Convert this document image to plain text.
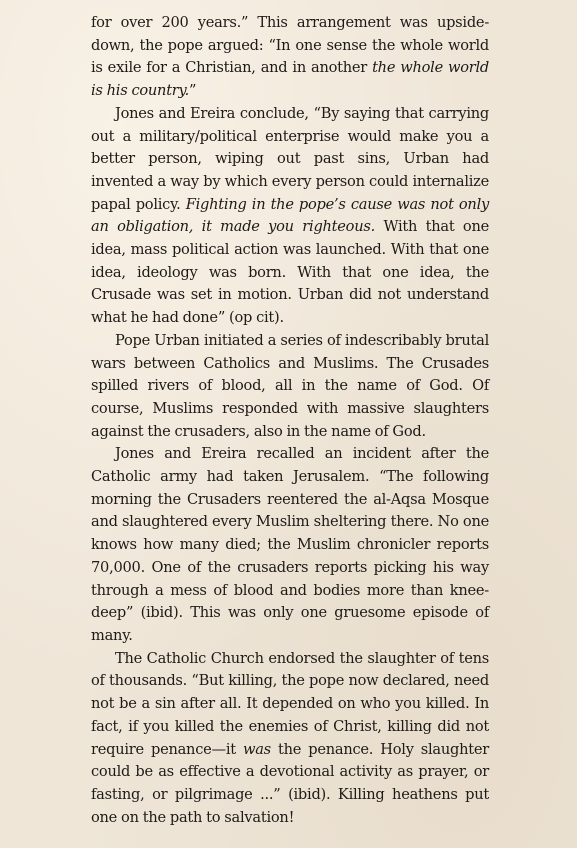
for over 200 years.” This arrangement was upside-down, the pope argued: “In one sense the whole world is exile for a Christian, and in another the whole world is his country.”

Jones and Ereira conclude, “By saying that carrying out a military/political enterprise would make you a better person, wiping out past sins, Urban had invented a way by which every person could internalize papal policy. Fighting in the pope’s cause was not only an obligation, it made you righteous. With that one idea, mass political action was launched. With that one idea, ideology was born. With that one idea, the Crusade was set in motion. Urban did not understand what he had done” (op cit).

Pope Urban initiated a series of indescribably brutal wars between Catholics and Muslims. The Crusades spilled rivers of blood, all in the name of God. Of course, Muslims responded with massive slaughters against the crusaders, also in the name of God.

Jones and Ereira recalled an incident after the Catholic army had taken Jerusalem. “The following morning the Crusaders reentered the al-Aqsa Mosque and slaughtered every Muslim sheltering there. No one knows how many died; the Muslim chronicler reports 70,000. One of the crusaders reports picking his way through a mess of blood and bodies more than knee-deep” (ibid). This was only one gruesome episode of many.

The Catholic Church endorsed the slaughter of tens of thousands. “But killing, the pope now declared, need not be a sin after all. It depended on who you killed. In fact, if you killed the enemies of Christ, killing did not require penance—it was the penance. Holy slaughter could be as effective a devotional activity as prayer, or fasting, or pilgrimage ...” (ibid). Killing heathens put one on the path to salvation!
